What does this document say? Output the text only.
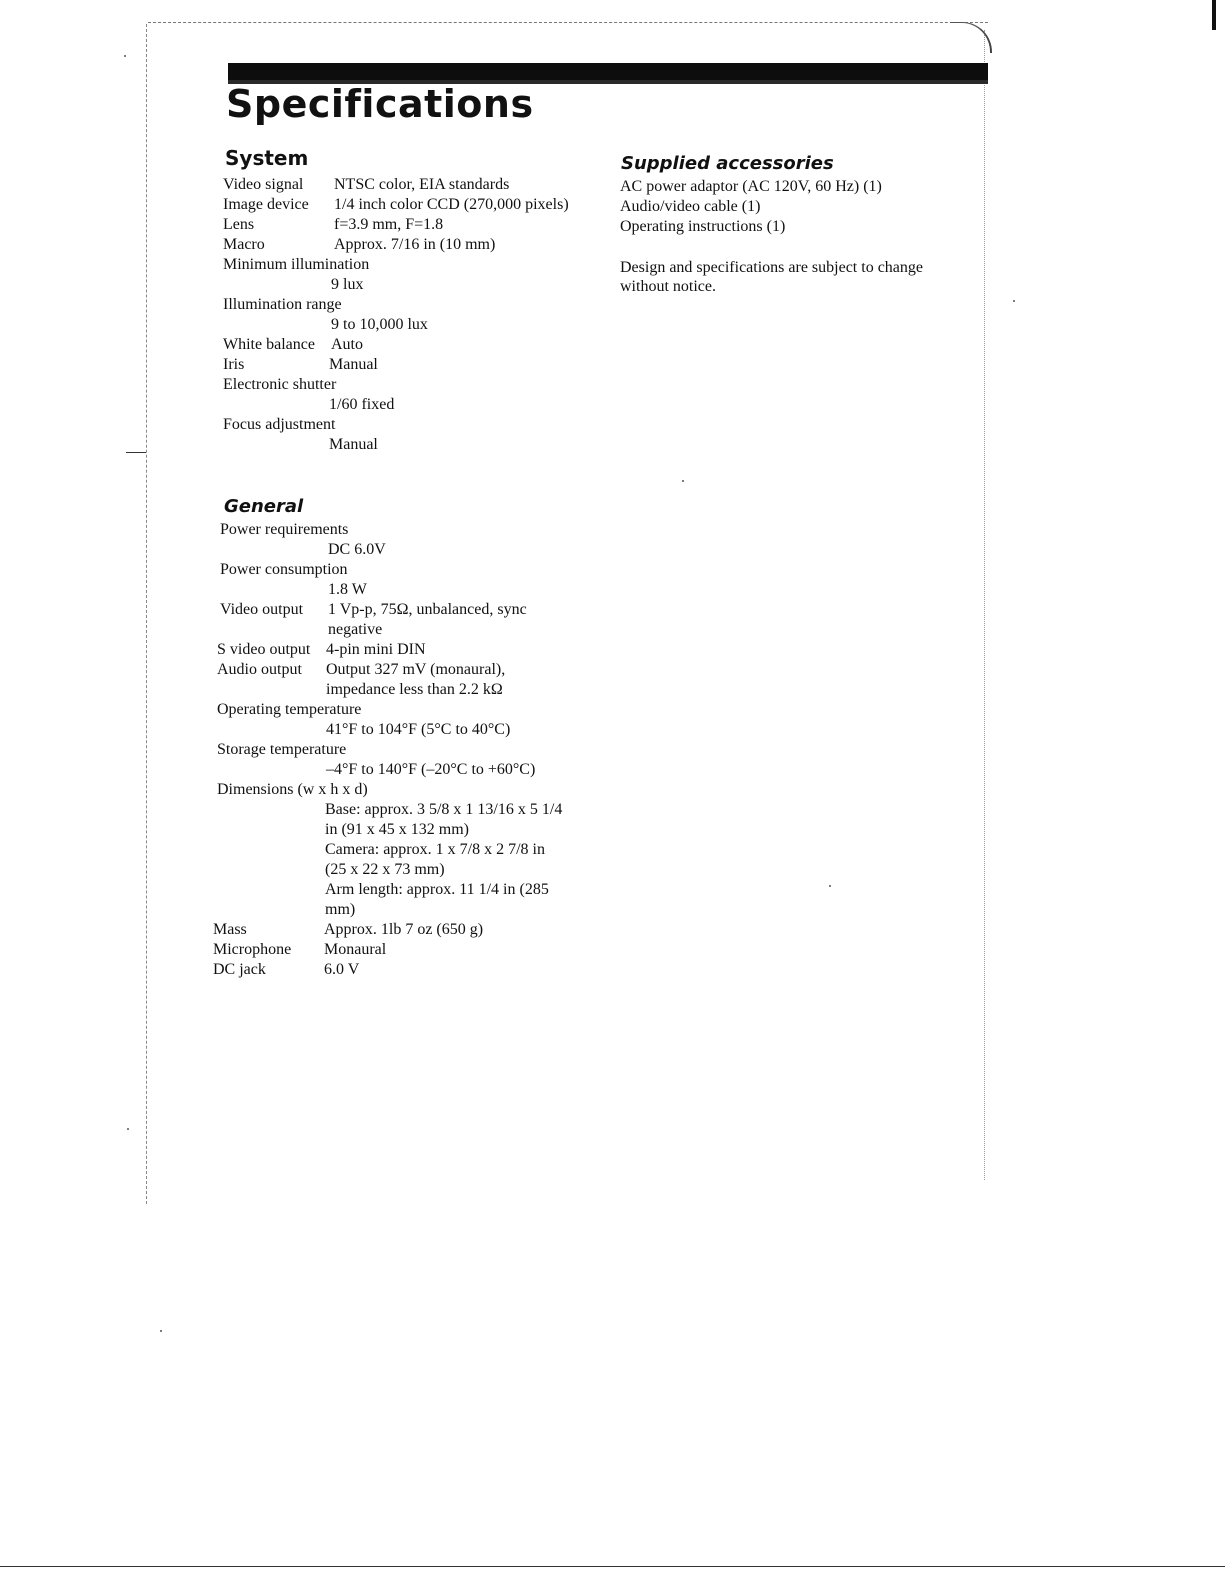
Specifications
System
Video signal	NTSC color, EIA standards
Image device	1/4 inch color CCD (270,000 pixels)
Lens	f=3.9 mm, F=1.8
Macro	Approx. 7/16 in (10 mm)
Minimum illumination
9 lux
Illumination range
9 to 10,000 lux
White balance	Auto
Iris	Manual
Electronic shutter
1/60 fixed
Focus adjustment
Manual
General
Power requirements
DC 6.0V
Power consumption
1.8 W
Video output	1 Vp-p, 75Ω, unbalanced, sync
negative
S video output 4-pin mini DIN
Audio output	Output 327 mV (monaural),
impedance less than 2.2 kΩ
Operating temperature
41°F to 104°F (5°C to 40°C)
Storage temperature
–4°F to 140°F (–20°C to +60°C)
Dimensions (w x h x d)
Base: approx. 3 5/8 x 1 13/16 x 5 1/4
in (91 x 45 x 132 mm)
Camera: approx. 1 x 7/8 x 2 7/8 in
(25 x 22 x 73 mm)
Arm length: approx. 11 1/4 in (285
mm)
Mass	Approx. 1lb 7 oz (650 g)
Microphone	Monaural
DC jack	6.0 V
Supplied accessories
AC power adaptor (AC 120V, 60 Hz) (1)
Audio/video cable (1)
Operating instructions (1)
Design and specifications are subject to change without notice.
